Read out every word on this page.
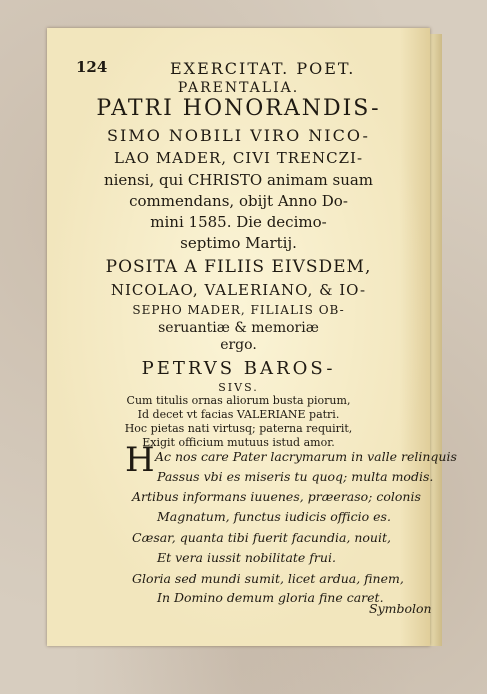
124	EXERCITAT. POET.
PARENTALIA.
PATRI HONORANDIS-
SIMO NOBILI VIRO NICO-
LAO MADER, CIVI TRENCZI-
niensi, qui CHRISTO animam suam
commendans, obijt Anno Do-
mini 1585. Die decimo-
septimo Martij.
POSITA A FILIIS EIVSDEM,
NICOLAO, VALERIANO, & IO-
SEPHO MADER, FILIALIS OB-
seruantiæ & memoriæ
ergo.
PETRVS BAROS-
SIVS.
Cum titulis ornas aliorum busta piorum,
Id decet vt facias VALERIANE patri.
Hoc pietas nati virtusq; paterna requirit,
Exigit officium mutuus istud amor.
H Ac nos care Pater lacrymarum in valle relinquis
Passus vbi es miseris tu quoq; multa modis.
Artibus informans iuuenes, præeraso; colonis
Magnatum, functus iudicis officio es.
Cæsar, quanta tibi fuerit facundia, nouit,
Et vera iussit nobilitate frui.
Gloria sed mundi sumit, licet ardua, finem,
In Domino demum gloria fine caret.
Symbolon
